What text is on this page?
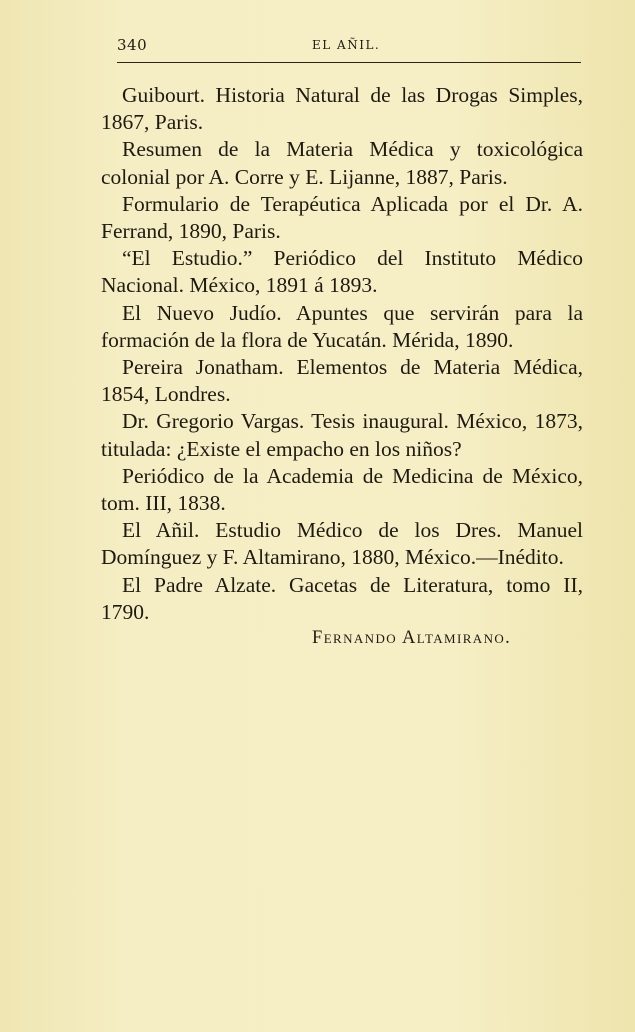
340	EL AÑIL.

Guibourt. Historia Natural de las Drogas Simples, 1867, Paris.

Resumen de la Materia Médica y toxicológica colonial por A. Corre y E. Lijanne, 1887, Paris.

Formulario de Terapéutica Aplicada por el Dr. A. Ferrand, 1890, Paris.

“El Estudio.” Periódico del Instituto Médico Nacional. México, 1891 á 1893.

El Nuevo Judío. Apuntes que servirán para la formación de la flora de Yucatán. Mérida, 1890.

Pereira Jonatham. Elementos de Materia Médica, 1854, Londres.

Dr. Gregorio Vargas. Tesis inaugural. México, 1873, titulada: ¿Existe el empacho en los niños?

Periódico de la Academia de Medicina de México, tom. III, 1838.

El Añil. Estudio Médico de los Dres. Manuel Domínguez y F. Altamirano, 1880, México.—Inédito.

El Padre Alzate. Gacetas de Literatura, tomo II, 1790.

Fernando Altamirano.
